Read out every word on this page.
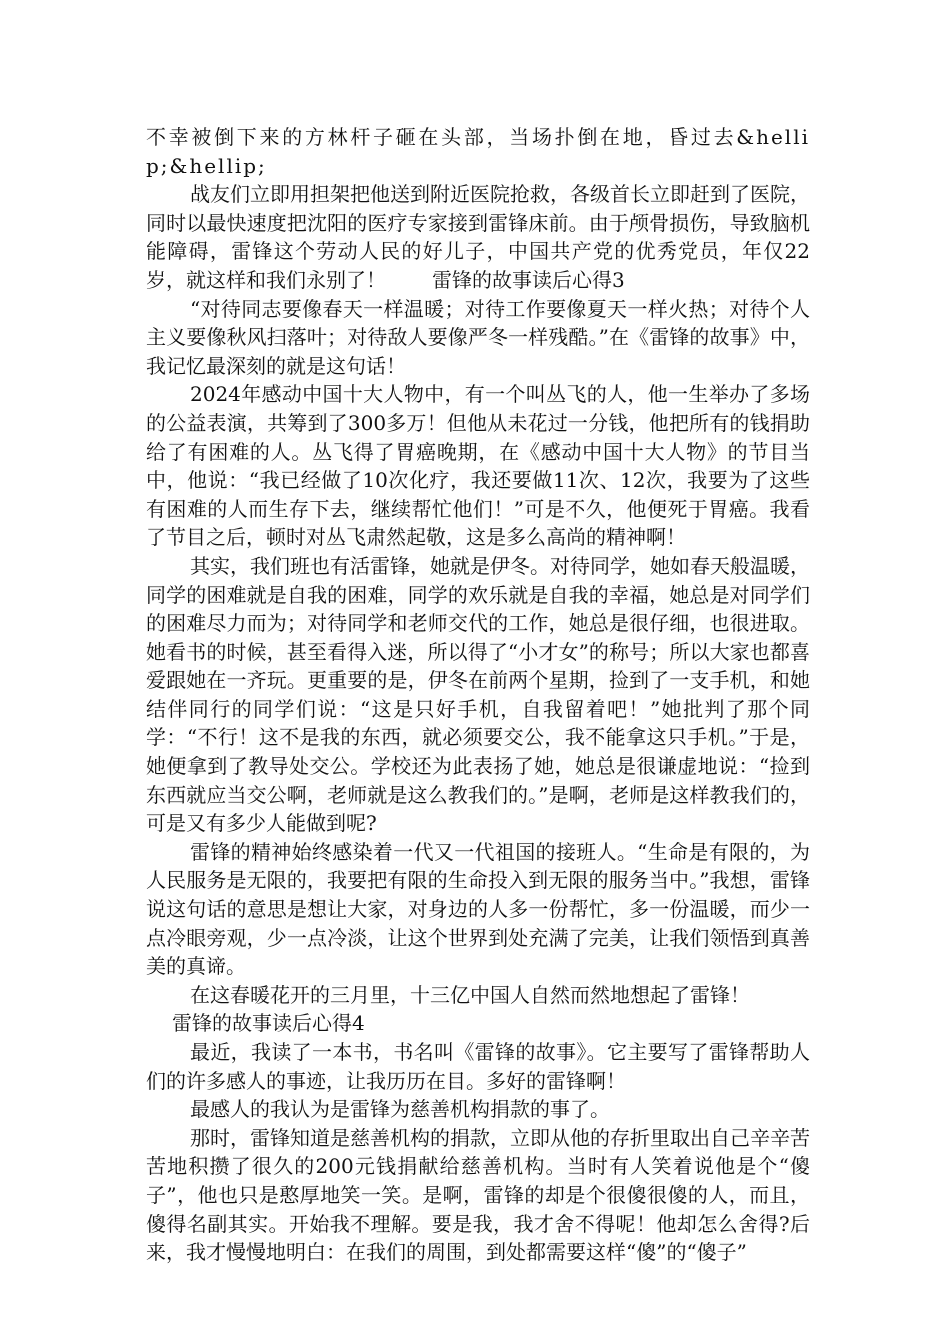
不幸被倒下来的方林杆子砸在头部，当场扑倒在地，昏过去&hellip;&hellip;

战友们立即用担架把他送到附近医院抢救，各级首长立即赶到了医院，同时以最快速度把沈阳的医疗专家接到雷锋床前。由于颅骨损伤，导致脑机能障碍，雷锋这个劳动人民的好儿子，中国共产党的优秀党员，年仅22岁，就这样和我们永别了！ 雷锋的故事读后心得3

“对待同志要像春天一样温暖；对待工作要像夏天一样火热；对待个人主义要像秋风扫落叶；对待敌人要像严冬一样残酷。”在《雷锋的故事》中，我记忆最深刻的就是这句话！

2024年感动中国十大人物中，有一个叫丛飞的人，他一生举办了多场的公益表演，共筹到了300多万！但他从未花过一分钱，他把所有的钱捐助给了有困难的人。丛飞得了胃癌晚期，在《感动中国十大人物》的节目当中，他说：“我已经做了10次化疗，我还要做11次、12次，我要为了这些有困难的人而生存下去，继续帮忙他们！”可是不久，他便死于胃癌。我看了节目之后，顿时对丛飞肃然起敬，这是多么高尚的精神啊！

其实，我们班也有活雷锋，她就是伊冬。对待同学，她如春天般温暖，同学的困难就是自我的困难，同学的欢乐就是自我的幸福，她总是对同学们的困难尽力而为；对待同学和老师交代的工作，她总是很仔细，也很进取。她看书的时候，甚至看得入迷，所以得了“小才女”的称号；所以大家也都喜爱跟她在一齐玩。更重要的是，伊冬在前两个星期，捡到了一支手机，和她结伴同行的同学们说：“这是只好手机，自我留着吧！”她批判了那个同学：“不行！这不是我的东西，就必须要交公，我不能拿这只手机。”于是，她便拿到了教导处交公。学校还为此表扬了她，她总是很谦虚地说：“捡到东西就应当交公啊，老师就是这么教我们的。”是啊，老师是这样教我们的，可是又有多少人能做到呢?

雷锋的精神始终感染着一代又一代祖国的接班人。“生命是有限的，为人民服务是无限的，我要把有限的生命投入到无限的服务当中。”我想，雷锋说这句话的意思是想让大家，对身边的人多一份帮忙，多一份温暖，而少一点冷眼旁观，少一点冷淡，让这个世界到处充满了完美，让我们领悟到真善美的真谛。

在这春暖花开的三月里，十三亿中国人自然而然地想起了雷锋！

雷锋的故事读后心得4

最近，我读了一本书，书名叫《雷锋的故事》。它主要写了雷锋帮助人们的许多感人的事迹，让我历历在目。多好的雷锋啊！

最感人的我认为是雷锋为慈善机构捐款的事了。

那时，雷锋知道是慈善机构的捐款，立即从他的存折里取出自己辛辛苦苦地积攒了很久的200元钱捐献给慈善机构。当时有人笑着说他是个“傻子”，他也只是憨厚地笑一笑。是啊，雷锋的却是个很傻很傻的人，而且，傻得名副其实。开始我不理解。要是我，我才舍不得呢！他却怎么舍得?后来，我才慢慢地明白：在我们的周围，到处都需要这样“傻”的“傻子”
